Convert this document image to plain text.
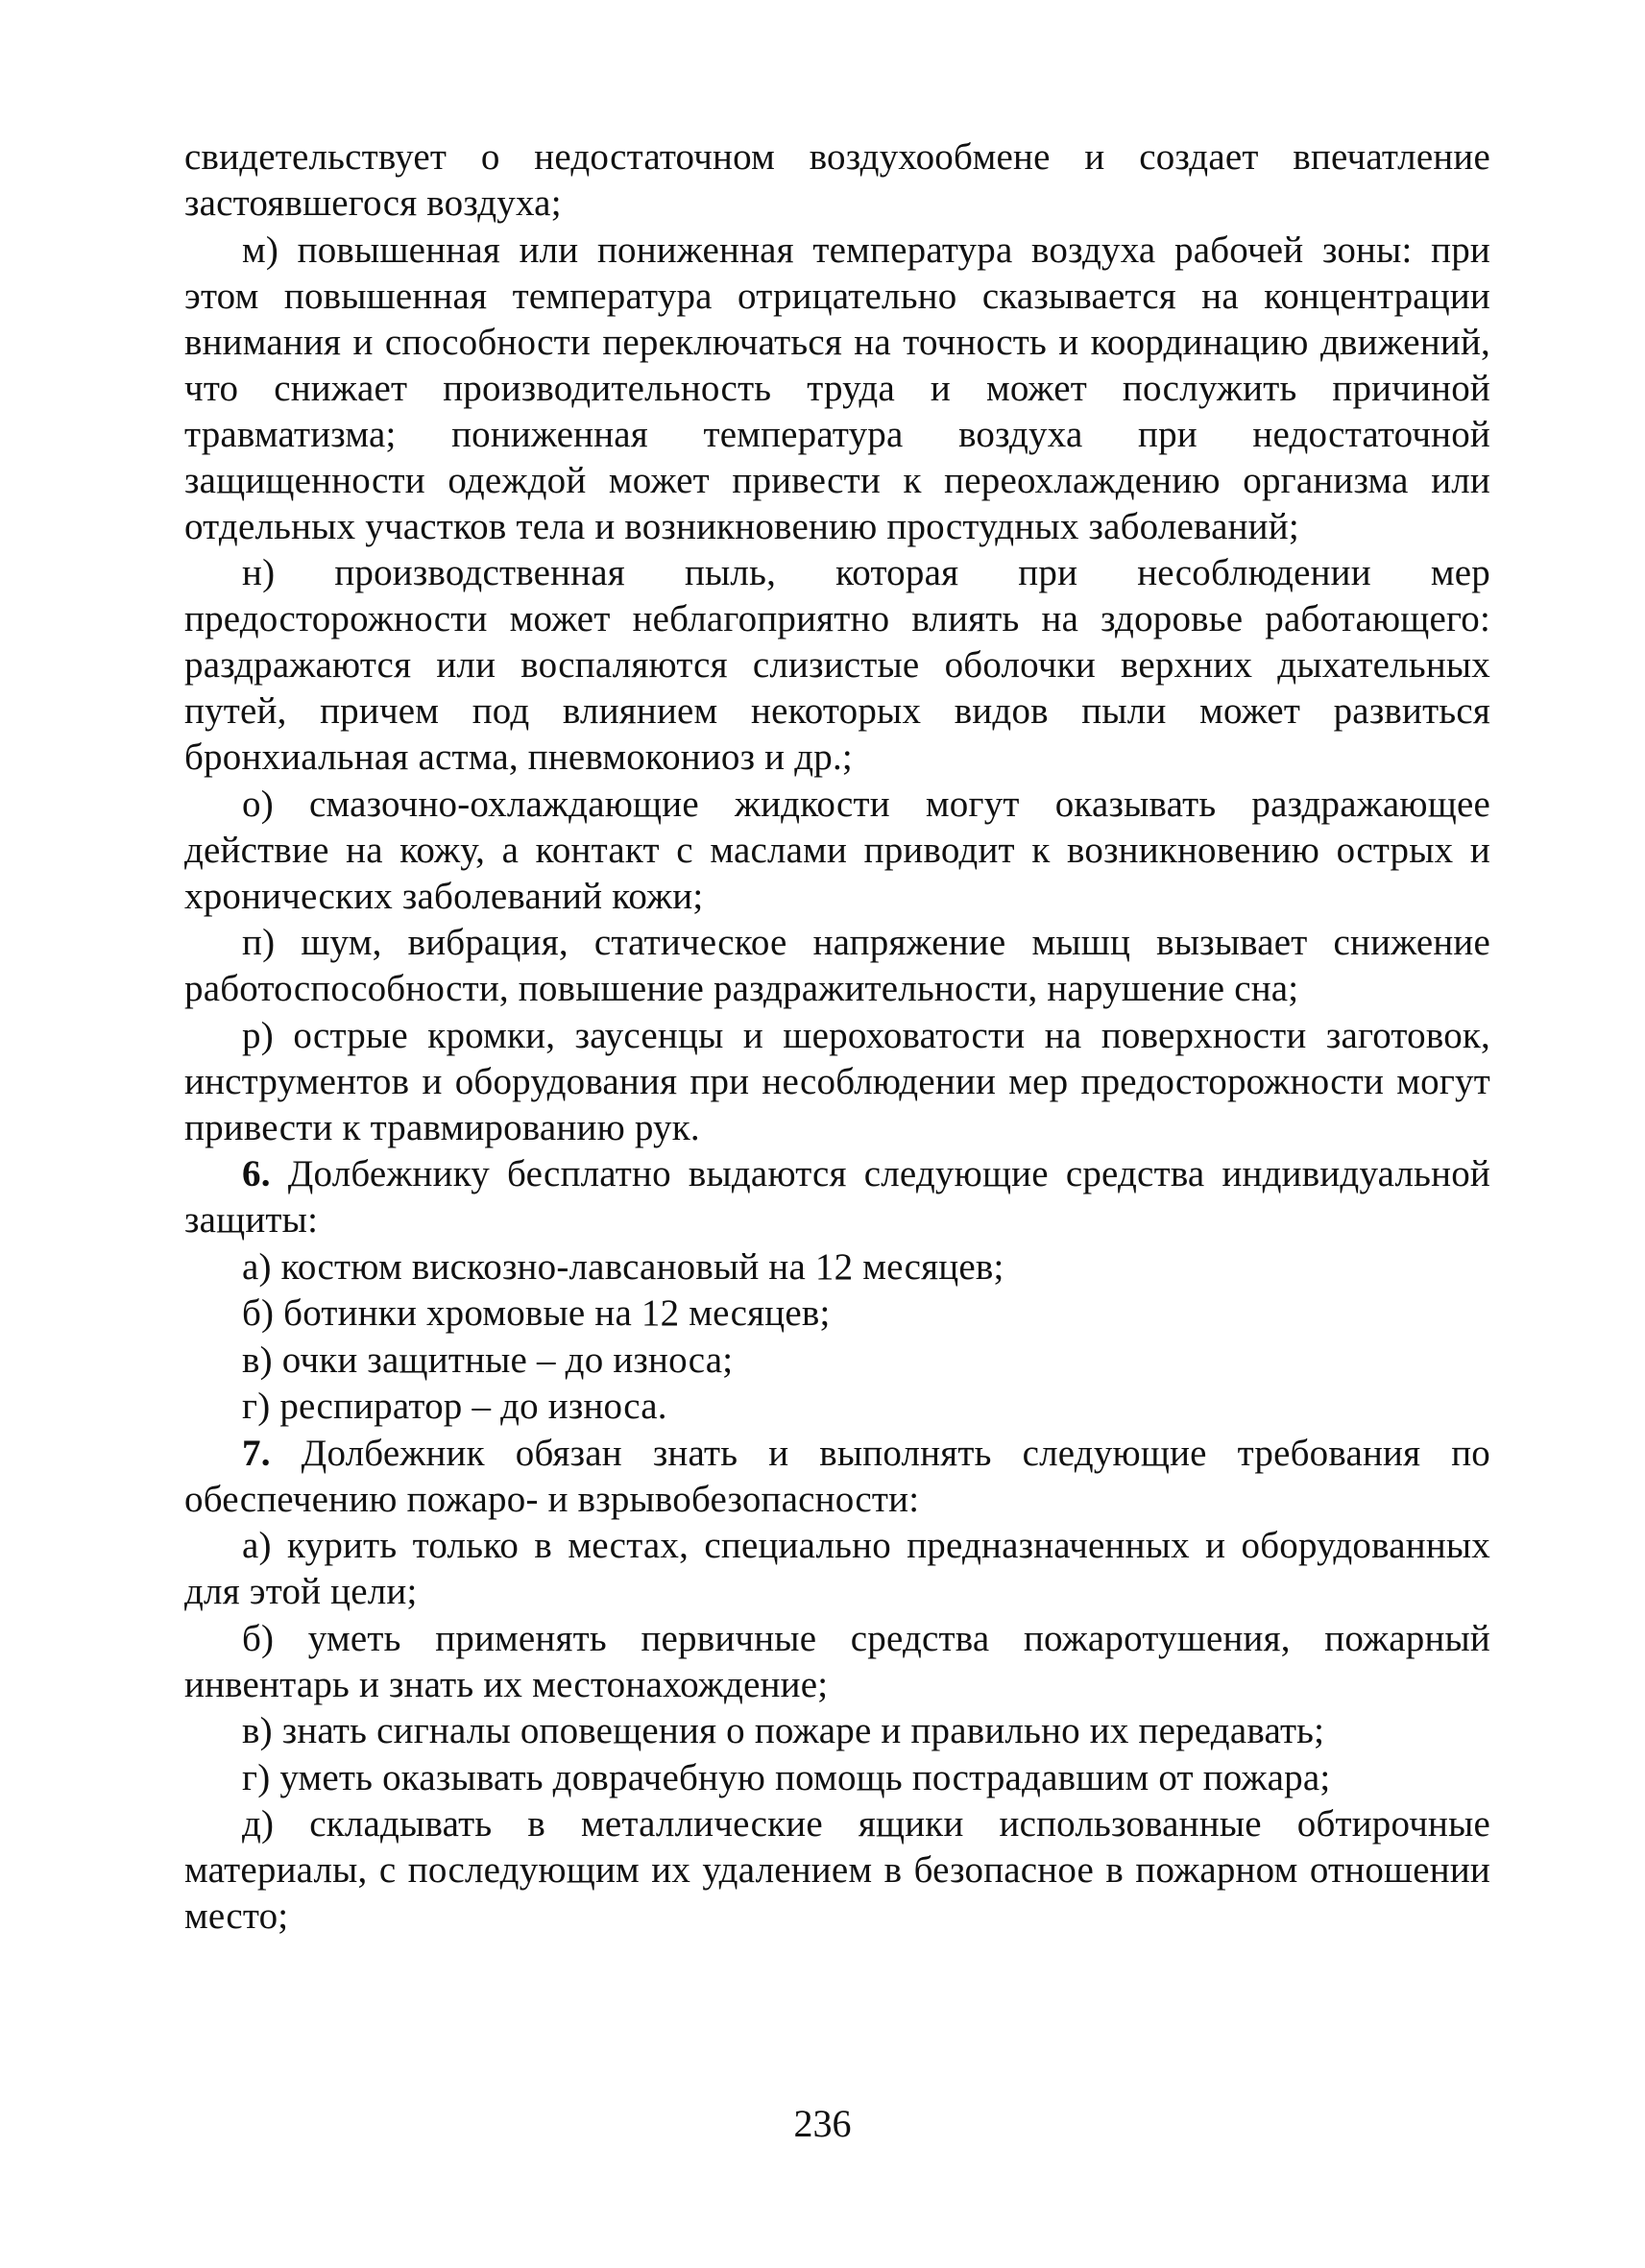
свидетельствует о недостаточном воздухообмене и создает впечатление застоявшегося воздуха;

м) повышенная или пониженная температура воздуха рабочей зоны: при этом повышенная температура отрицательно сказывается на концентрации внимания и способности переключаться на точность и координацию движений, что снижает производительность труда и может послужить причиной травматизма; пониженная температура воздуха при недостаточной защищенности одеждой может привести к переохлаждению организма или отдельных участков тела и возникновению простудных заболеваний;

н) производственная пыль, которая при несоблюдении мер предосторожности может неблагоприятно влиять на здоровье работающего: раздражаются или воспаляются слизистые оболочки верхних дыхательных путей, причем под влиянием некоторых видов пыли может развиться бронхиальная астма, пневмокониоз и др.;

о) смазочно-охлаждающие жидкости могут оказывать раздражающее действие на кожу, а контакт с маслами приводит к возникновению острых и хронических заболеваний кожи;

п) шум, вибрация, статическое напряжение мышц вызывает снижение работоспособности, повышение раздражительности, нарушение сна;

р) острые кромки, заусенцы и шероховатости на поверхности заготовок, инструментов и оборудования при несоблюдении мер предосторожности могут привести к травмированию рук.

6. Долбежнику бесплатно выдаются следующие средства индивидуальной защиты:

а) костюм вискозно-лавсановый на 12 месяцев;

б) ботинки хромовые на 12 месяцев;

в) очки защитные – до износа;

г) респиратор – до износа.

7. Долбежник обязан знать и выполнять следующие требования по обеспечению пожаро- и взрывобезопасности:

а) курить только в местах, специально предназначенных и оборудованных для этой цели;

б) уметь применять первичные средства пожаротушения, пожарный инвентарь и знать их местонахождение;

в) знать сигналы оповещения о пожаре и правильно их передавать;

г) уметь оказывать доврачебную помощь пострадавшим от пожара;

д) складывать в металлические ящики использованные обтирочные материалы, с последующим их удалением в безопасное в пожарном отношении место;

236
